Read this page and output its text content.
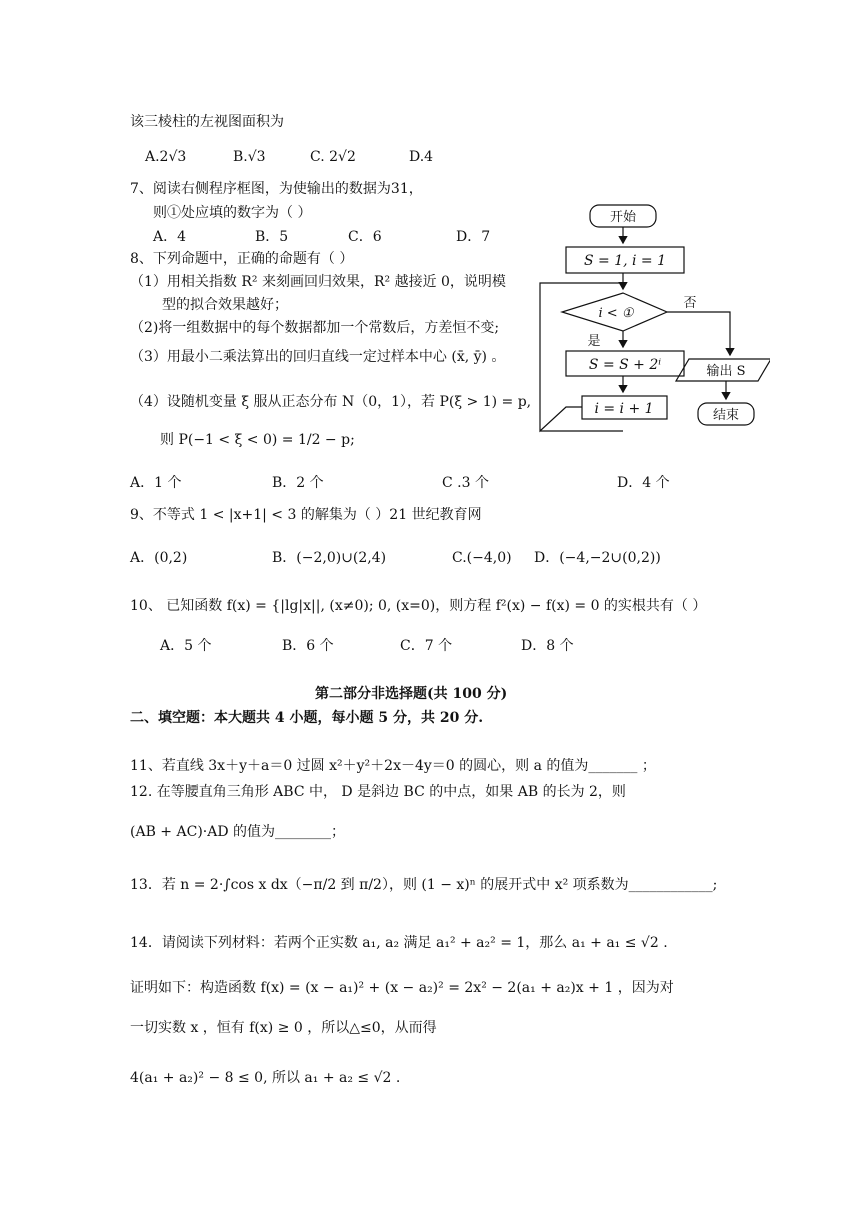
该三棱柱的左视图面积为
A.2√3	B.√3	C. 2√2	D.4
7、阅读右侧程序框图，为使输出的数据为31，
则①处应填的数字为（ ）
A．4	B．5	C．6	D．7
8、下列命题中，正确的命题有（ ）
（1）用相关指数 R² 来刻画回归效果，R² 越接近 0，说明模
型的拟合效果越好；
（2)将一组数据中的每个数据都加一个常数后，方差恒不变;
（3）用最小二乘法算出的回归直线一定过样本中心 (x̄, ȳ) 。
（4）设随机变量 ξ 服从正态分布 N（0，1），若 P(ξ > 1) = p,
则 P(−1 < ξ < 0) = 1/2 − p;
A．1 个	B．2 个	C .3 个	D．4 个
9、不等式 1 < |x+1| < 3 的解集为（ ）21 世纪教育网
A．(0,2)	B．(−2,0)∪(2,4)	C.(−4,0) D．(−4,−2∪(0,2))
10、 已知函数 f(x) = {|lg|x||, (x≠0); 0, (x=0)，则方程 f²(x) − f(x) = 0 的实根共有（ ）
A．5 个	B．6 个	C．7 个	D．8 个
第二部分非选择题(共 100 分)
二、填空题：本大题共 4 小题，每小题 5 分，共 20 分.
11、若直线 3x＋y＋a＝0 过圆 x²＋y²＋2x－4y＝0 的圆心，则 a 的值为_______ ；
12. 在等腰直角三角形 ABC 中， D 是斜边 BC 的中点，如果 AB 的长为 2，则
(AB + AC)·AD 的值为________；
13．若 n = 2·∫cos x dx（−π/2 到 π/2），则 (1 − x)ⁿ 的展开式中 x² 项系数为____________;
14．请阅读下列材料：若两个正实数 a₁, a₂ 满足 a₁² + a₂² = 1，那么 a₁ + a₁ ≤ √2 .
证明如下：构造函数 f(x) = (x − a₁)² + (x − a₂)² = 2x² − 2(a₁ + a₂)x + 1 ，因为对
一切实数 x ，恒有 f(x) ≥ 0 ，所以△≤0，从而得
4(a₁ + a₂)² − 8 ≤ 0, 所以 a₁ + a₂ ≤ √2 .
开始
S = 1, i = 1
i < ①
是
否
S = S + 2ⁱ
i = i + 1
输出 S
结束
